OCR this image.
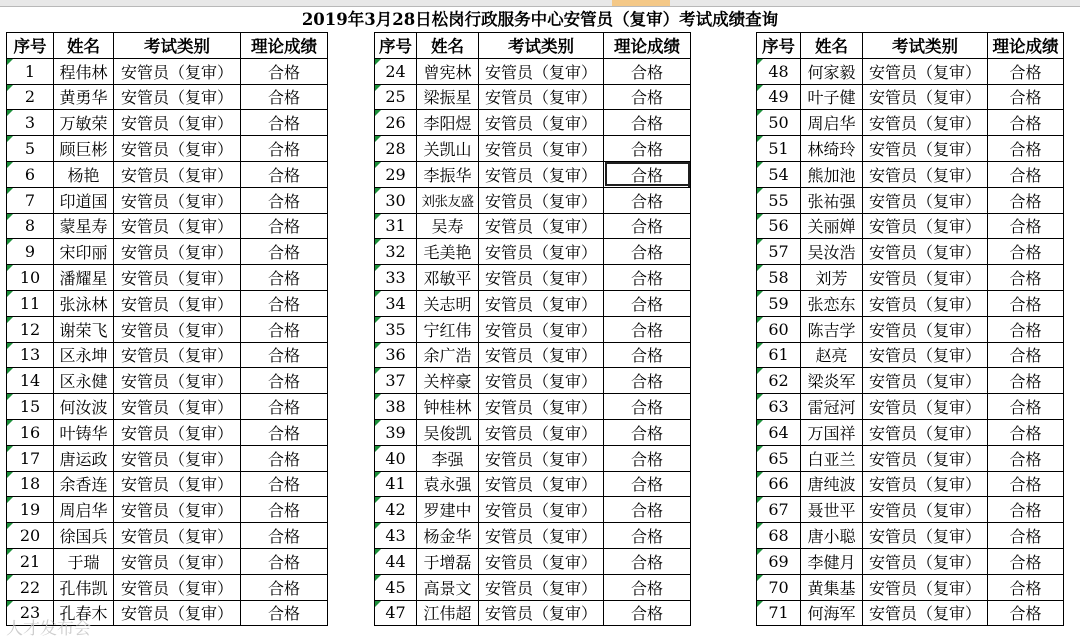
2019年3月28日松岗行政服务中心安管员（复审）考试成绩查询
序号	姓名	考试类别	理论成绩
1	程伟林	安管员（复审）	合格
2	黄勇华	安管员（复审）	合格
3	万敏荣	安管员（复审）	合格
5	顾巨彬	安管员（复审）	合格
6	杨艳	安管员（复审）	合格
7	印道国	安管员（复审）	合格
8	蒙星寿	安管员（复审）	合格
9	宋印丽	安管员（复审）	合格
10	潘耀星	安管员（复审）	合格
11	张泳林	安管员（复审）	合格
12	谢荣飞	安管员（复审）	合格
13	区永坤	安管员（复审）	合格
14	区永健	安管员（复审）	合格
15	何汝波	安管员（复审）	合格
16	叶铸华	安管员（复审）	合格
17	唐运政	安管员（复审）	合格
18	余香连	安管员（复审）	合格
19	周启华	安管员（复审）	合格
20	徐国兵	安管员（复审）	合格
21	于瑞	安管员（复审）	合格
22	孔伟凯	安管员（复审）	合格
23	孔春木	安管员（复审）	合格
序号	姓名	考试类别	理论成绩
24	曾宪林	安管员（复审）	合格
25	梁振星	安管员（复审）	合格
26	李阳煜	安管员（复审）	合格
28	关凯山	安管员（复审）	合格
29	李振华	安管员（复审）	合格
30	刘张友盛	安管员（复审）	合格
31	吴寿	安管员（复审）	合格
32	毛美艳	安管员（复审）	合格
33	邓敏平	安管员（复审）	合格
34	关志明	安管员（复审）	合格
35	宁红伟	安管员（复审）	合格
36	余广浩	安管员（复审）	合格
37	关梓豪	安管员（复审）	合格
38	钟桂林	安管员（复审）	合格
39	吴俊凯	安管员（复审）	合格
40	李强	安管员（复审）	合格
41	袁永强	安管员（复审）	合格
42	罗建中	安管员（复审）	合格
43	杨金华	安管员（复审）	合格
44	于增磊	安管员（复审）	合格
45	高景文	安管员（复审）	合格
47	江伟超	安管员（复审）	合格
序号	姓名	考试类别	理论成绩
48	何家毅	安管员（复审）	合格
49	叶子健	安管员（复审）	合格
50	周启华	安管员（复审）	合格
51	林绮玲	安管员（复审）	合格
54	熊加池	安管员（复审）	合格
55	张祐强	安管员（复审）	合格
56	关丽婵	安管员（复审）	合格
57	吴汝浩	安管员（复审）	合格
58	刘芳	安管员（复审）	合格
59	张恋东	安管员（复审）	合格
60	陈吉学	安管员（复审）	合格
61	赵亮	安管员（复审）	合格
62	梁炎军	安管员（复审）	合格
63	雷冠河	安管员（复审）	合格
64	万国祥	安管员（复审）	合格
65	白亚兰	安管员（复审）	合格
66	唐纯波	安管员（复审）	合格
67	聂世平	安管员（复审）	合格
68	唐小聪	安管员（复审）	合格
69	李健月	安管员（复审）	合格
70	黄集基	安管员（复审）	合格
71	何海军	安管员（复审）	合格
人才发布会
